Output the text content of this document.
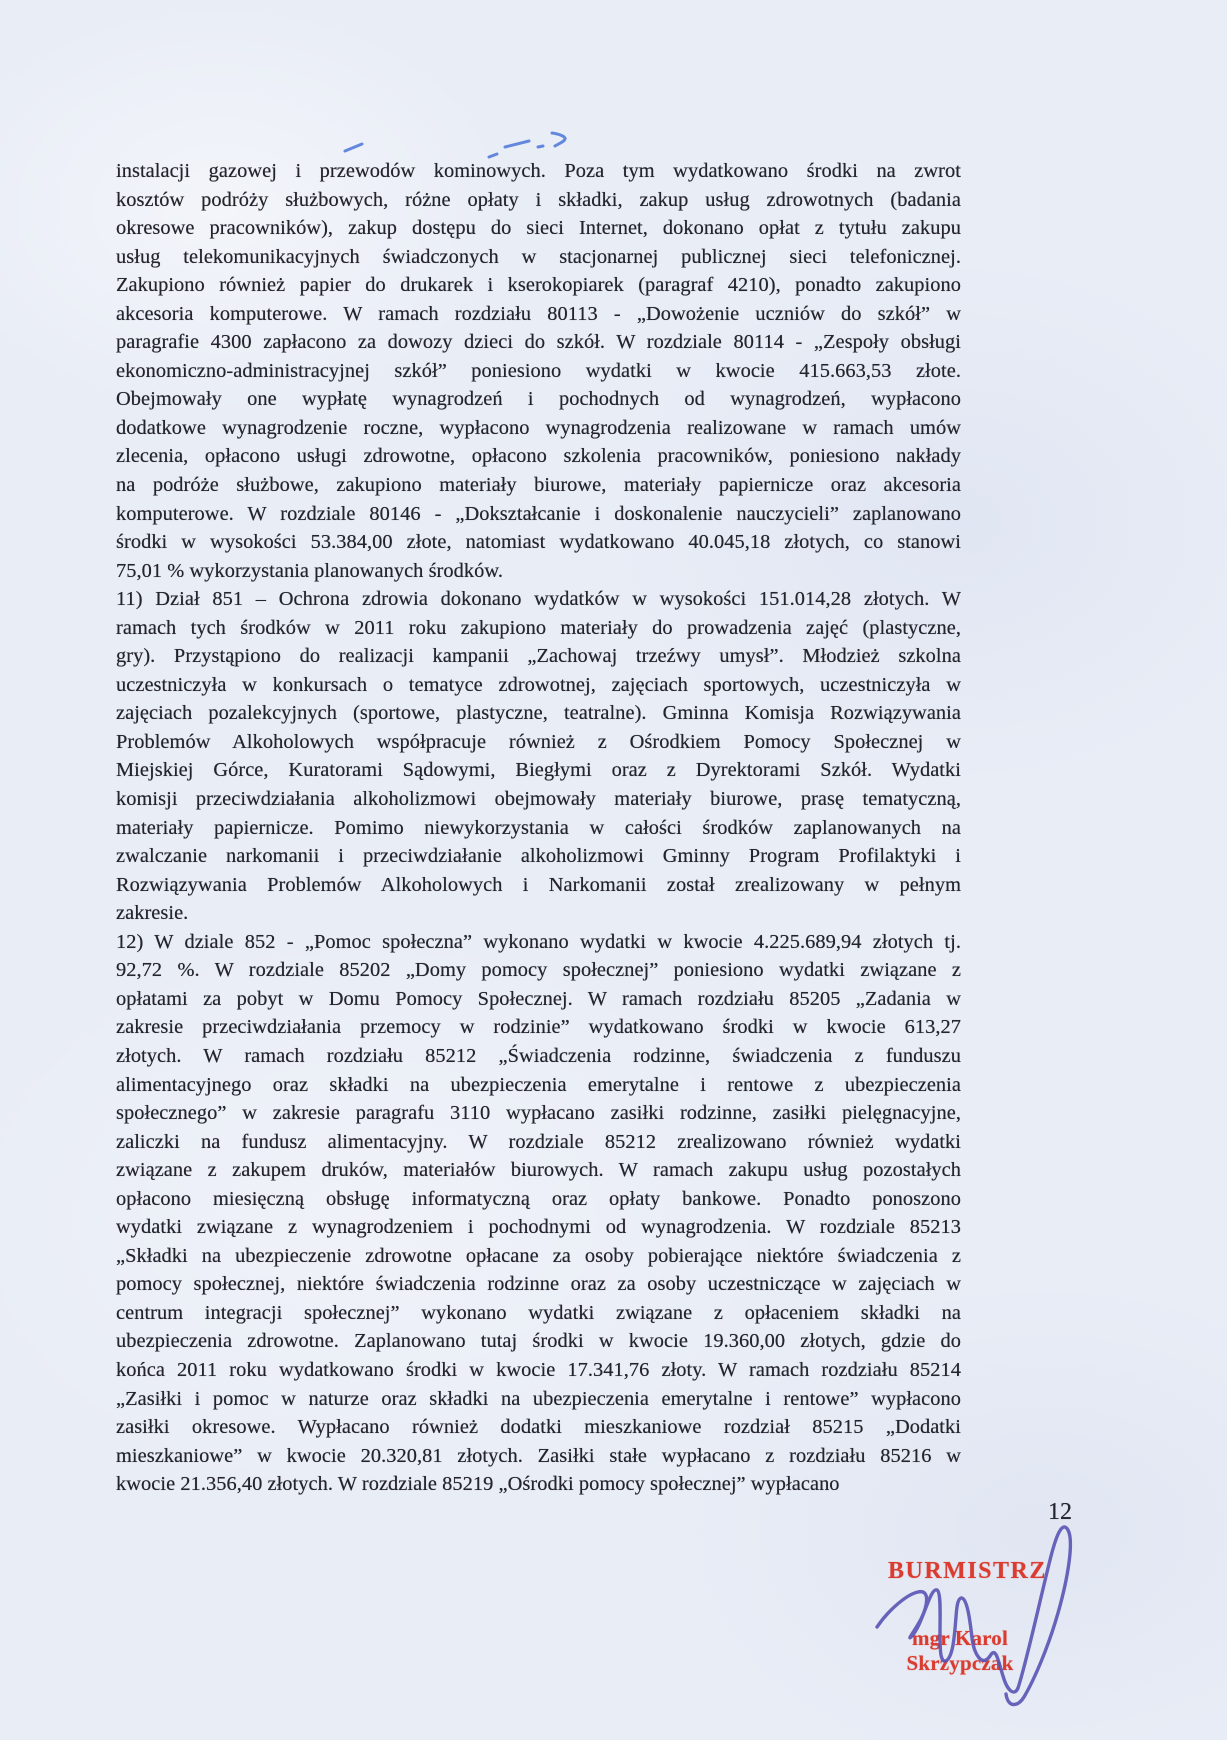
instalacji gazowej i przewodów kominowych. Poza tym wydatkowano środki na zwrot
kosztów podróży służbowych, różne opłaty i składki, zakup usług zdrowotnych (badania
okresowe pracowników), zakup dostępu do sieci Internet, dokonano opłat z tytułu zakupu
usług telekomunikacyjnych świadczonych w stacjonarnej publicznej sieci telefonicznej.
Zakupiono również papier do drukarek i kserokopiarek (paragraf 4210), ponadto zakupiono
akcesoria komputerowe. W ramach rozdziału 80113 - „Dowożenie uczniów do szkół” w
paragrafie 4300 zapłacono za dowozy dzieci do szkół. W rozdziale 80114 - „Zespoły obsługi
ekonomiczno-administracyjnej szkół” poniesiono wydatki w kwocie 415.663,53 złote.
Obejmowały one wypłatę wynagrodzeń i pochodnych od wynagrodzeń, wypłacono
dodatkowe wynagrodzenie roczne, wypłacono wynagrodzenia realizowane w ramach umów
zlecenia, opłacono usługi zdrowotne, opłacono szkolenia pracowników, poniesiono nakłady
na podróże służbowe, zakupiono materiały biurowe, materiały papiernicze oraz akcesoria
komputerowe. W rozdziale 80146 - „Dokształcanie i doskonalenie nauczycieli” zaplanowano
środki w wysokości 53.384,00 złote, natomiast wydatkowano 40.045,18 złotych, co stanowi
75,01 % wykorzystania planowanych środków.
11) Dział 851 – Ochrona zdrowia dokonano wydatków w wysokości 151.014,28 złotych. W
ramach tych środków w 2011 roku zakupiono materiały do prowadzenia zajęć (plastyczne,
gry). Przystąpiono do realizacji kampanii „Zachowaj trzeźwy umysł”. Młodzież szkolna
uczestniczyła w konkursach o tematyce zdrowotnej, zajęciach sportowych, uczestniczyła w
zajęciach pozalekcyjnych (sportowe, plastyczne, teatralne). Gminna Komisja Rozwiązywania
Problemów Alkoholowych współpracuje również z Ośrodkiem Pomocy Społecznej w
Miejskiej Górce, Kuratorami Sądowymi, Biegłymi oraz z Dyrektorami Szkół. Wydatki
komisji przeciwdziałania alkoholizmowi obejmowały materiały biurowe, prasę tematyczną,
materiały papiernicze. Pomimo niewykorzystania w całości środków zaplanowanych na
zwalczanie narkomanii i przeciwdziałanie alkoholizmowi Gminny Program Profilaktyki i
Rozwiązywania Problemów Alkoholowych i Narkomanii został zrealizowany w pełnym
zakresie.
12) W dziale 852 - „Pomoc społeczna” wykonano wydatki w kwocie 4.225.689,94 złotych tj.
92,72 %. W rozdziale 85202 „Domy pomocy społecznej” poniesiono wydatki związane z
opłatami za pobyt w Domu Pomocy Społecznej. W ramach rozdziału 85205 „Zadania w
zakresie przeciwdziałania przemocy w rodzinie” wydatkowano środki w kwocie 613,27
złotych. W ramach rozdziału 85212 „Świadczenia rodzinne, świadczenia z funduszu
alimentacyjnego oraz składki na ubezpieczenia emerytalne i rentowe z ubezpieczenia
społecznego” w zakresie paragrafu 3110 wypłacano zasiłki rodzinne, zasiłki pielęgnacyjne,
zaliczki na fundusz alimentacyjny. W rozdziale 85212 zrealizowano również wydatki
związane z zakupem druków, materiałów biurowych. W ramach zakupu usług pozostałych
opłacono miesięczną obsługę informatyczną oraz opłaty bankowe. Ponadto ponoszono
wydatki związane z wynagrodzeniem i pochodnymi od wynagrodzenia. W rozdziale 85213
„Składki na ubezpieczenie zdrowotne opłacane za osoby pobierające niektóre świadczenia z
pomocy społecznej, niektóre świadczenia rodzinne oraz za osoby uczestniczące w zajęciach w
centrum integracji społecznej” wykonano wydatki związane z opłaceniem składki na
ubezpieczenia zdrowotne. Zaplanowano tutaj środki w kwocie 19.360,00 złotych, gdzie do
końca 2011 roku wydatkowano środki w kwocie 17.341,76 złoty. W ramach rozdziału 85214
„Zasiłki i pomoc w naturze oraz składki na ubezpieczenia emerytalne i rentowe” wypłacono
zasiłki okresowe. Wypłacano również dodatki mieszkaniowe rozdział 85215 „Dodatki
mieszkaniowe” w kwocie 20.320,81 złotych. Zasiłki stałe wypłacano z rozdziału 85216 w
kwocie 21.356,40 złotych. W rozdziale 85219 „Ośrodki pomocy społecznej” wypłacano
12
BURMISTRZ
mgr Karol Skrzypczak
